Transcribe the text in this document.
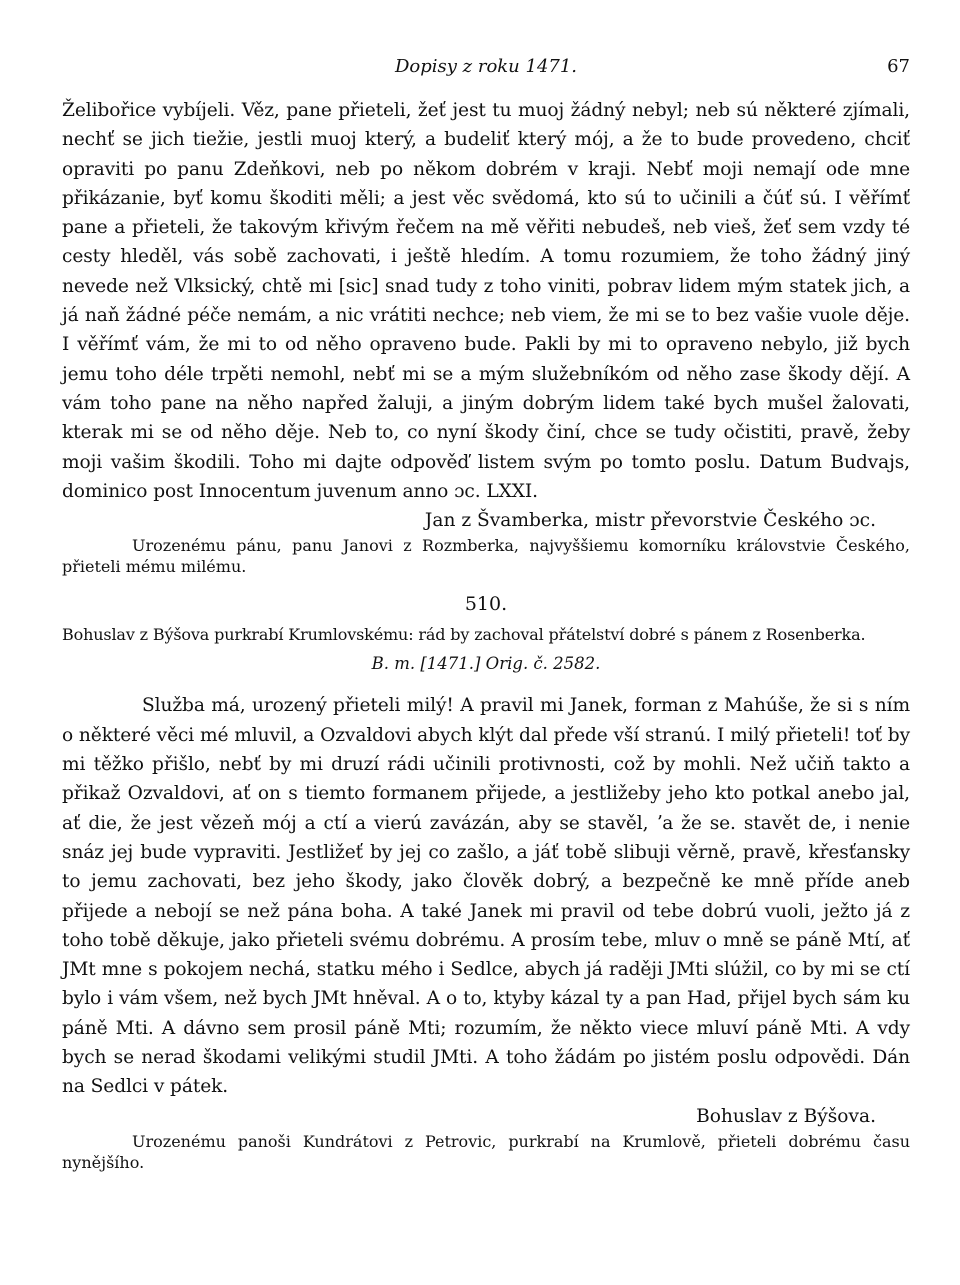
Dopisy z roku 1471.	67

Želibořice vybíjeli. Věz, pane přieteli, žeť jest tu muoj žádný nebyl; neb sú některé zjímali, nechť se jich tiežie, jestli muoj který, a budeliť který mój, a že to bude provedeno, chciť opraviti po panu Zdeňkovi, neb po někom dobrém v kraji. Nebť moji nemají ode mne přikázanie, byť komu škoditi měli; a jest věc svědomá, kto sú to učinili a čúť sú. I věřímť pane a přieteli, že takovým křivým řečem na mě věřiti nebudeš, neb vieš, žeť sem vzdy té cesty hleděl, vás sobě zachovati, i ještě hledím. A tomu rozumiem, že toho žádný jiný nevede než Vlksický, chtě mi [sic] snad tudy z toho viniti, pobrav lidem mým statek jich, a já naň žádné péče nemám, a nic vrátiti nechce; neb viem, že mi se to bez vašie vuole děje. I věřímť vám, že mi to od něho opraveno bude. Pakli by mi to opraveno nebylo, již bych jemu toho déle trpěti nemohl, nebť mi se a mým služebníkóm od něho zase škody dějí. A vám toho pane na něho napřed žaluji, a jiným dobrým lidem také bych mušel žalovati, kterak mi se od něho děje. Neb to, co nyní škody činí, chce se tudy očistiti, pravě, žeby moji vašim škodili. Toho mi dajte odpověď listem svým po tomto poslu. Datum Budvajs, dominico post Innocentum juvenum anno ɔc. LXXI.

Jan z Švamberka, mistr převorstvie Českého ɔc.

Urozenému pánu, panu Janovi z Rozmberka, najvyššiemu komorníku královstvie Českého, přieteli mému milému.

510.

Bohuslav z Býšova purkrabí Krumlovskému: rád by zachoval přátelství dobré s pánem z Rosenberka.

B. m. [1471.] Orig. č. 2582.

Služba má, urozený přieteli milý! A pravil mi Janek, forman z Mahúše, že si s ním o některé věci mé mluvil, a Ozvaldovi abych klýt dal přede vší stranú. I milý přieteli! toť by mi těžko přišlo, nebť by mi druzí rádi učinili protivnosti, což by mohli. Než učiň takto a přikaž Ozvaldovi, ať on s tiemto formanem přijede, a jestližeby jeho kto potkal anebo jal, ať die, že jest vězeň mój a ctí a vierú zavázán, aby se stavěl, ʼa že se. stavět de, i nenie snáz jej bude vypraviti. Jestližeť by jej co zašlo, a jáť tobě slibuji věrně, pravě, křesťansky to jemu zachovati, bez jeho škody, jako člověk dobrý, a bezpečně ke mně příde aneb přijede a nebojí se než pána boha. A také Janek mi pravil od tebe dobrú vuoli, ježto já z toho tobě děkuje, jako přieteli svému dobrému. A prosím tebe, mluv o mně se páně Mtí, ať JMt mne s pokojem nechá, statku mého i Sedlce, abych já raději JMti slúžil, co by mi se ctí bylo i vám všem, než bych JMt hněval. A o to, ktyby kázal ty a pan Had, přijel bych sám ku páně Mti. A dávno sem prosil páně Mti; rozumím, že někto viece mluví páně Mti. A vdy bych se nerad škodami velikými studil JMti. A toho žádám po jistém poslu odpovědi. Dán na Sedlci v pátek.

Bohuslav z Býšova.

Urozenému panoši Kundrátovi z Petrovic, purkrabí na Krumlově, přieteli dobrému času nynějšího.
